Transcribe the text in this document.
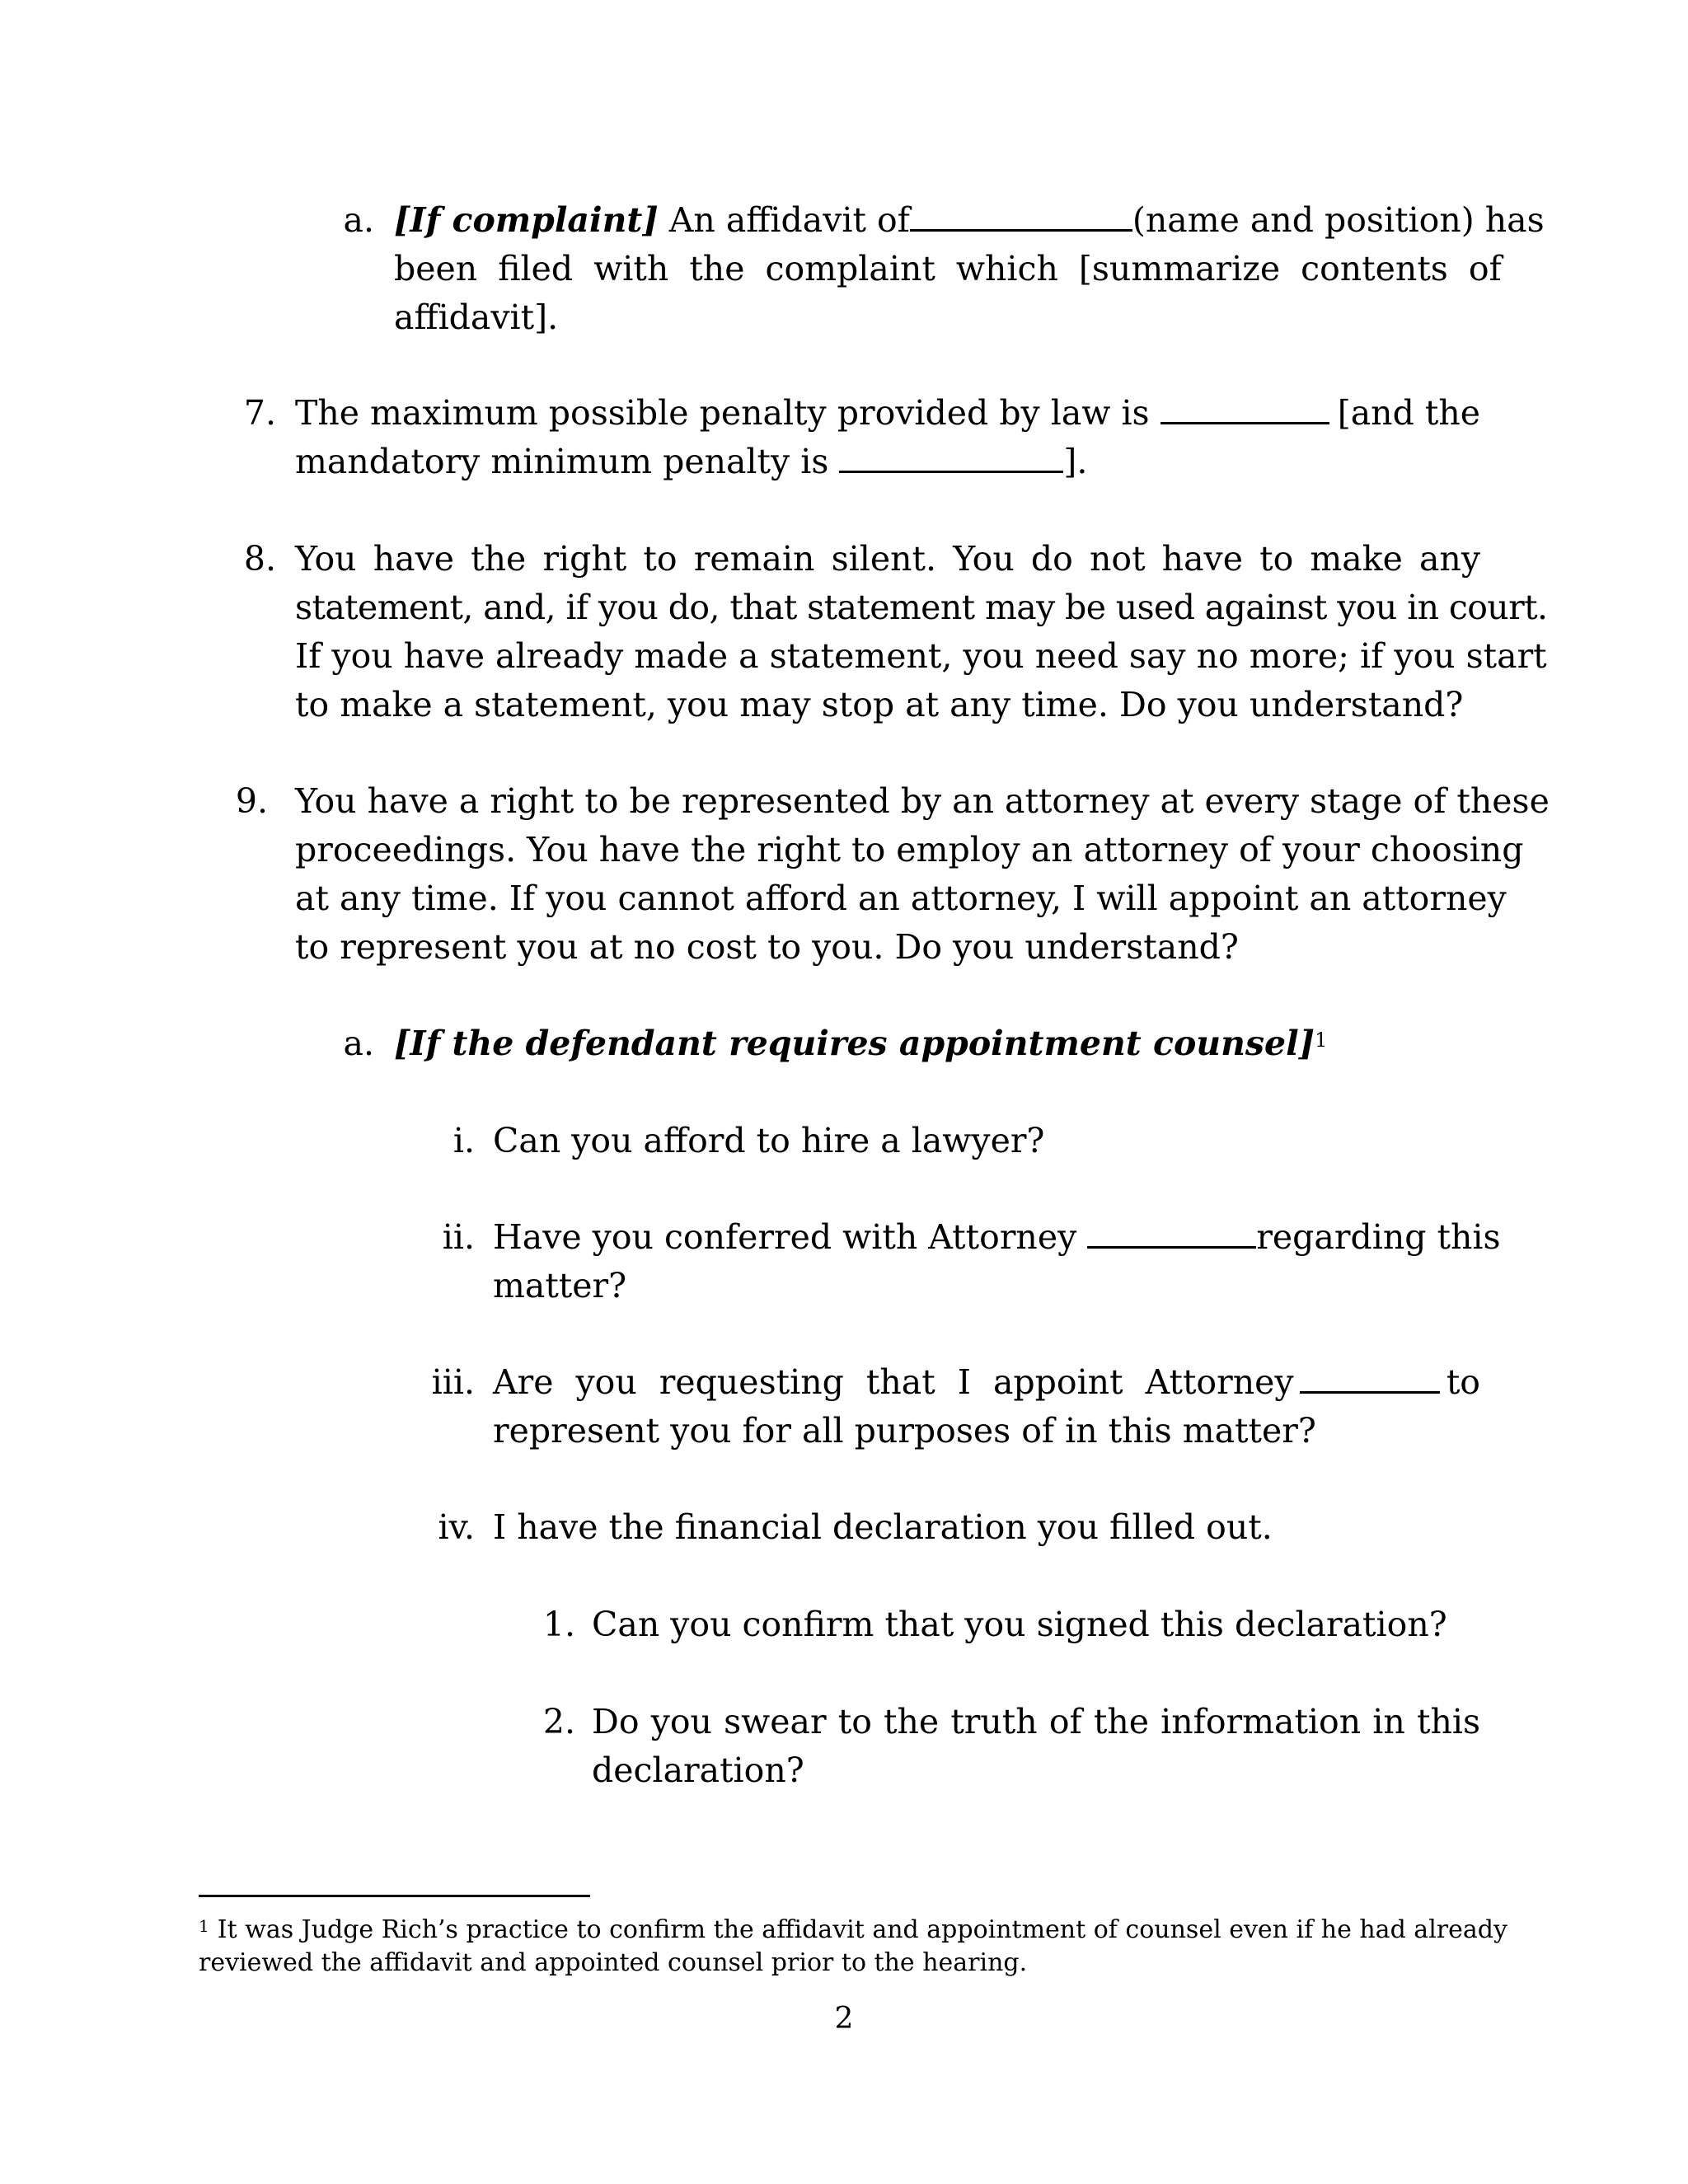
a. [If complaint] An affidavit of	(name and position) has
been filed with the complaint which [summarize contents of
affidavit].
7. The maximum possible penalty provided by law is	[and the
mandatory minimum penalty is	].
8. You have the right to remain silent. You do not have to make any
statement, and, if you do, that statement may be used against you in court.
If you have already made a statement, you need say no more; if you start
to make a statement, you may stop at any time. Do you understand?
9. You have a right to be represented by an attorney at every stage of these
proceedings. You have the right to employ an attorney of your choosing
at any time. If you cannot afford an attorney, I will appoint an attorney
to represent you at no cost to you. Do you understand?
a. [If the defendant requires appointment counsel]$^1$
i. Can you afford to hire a lawyer?
ii. Have you conferred with Attorney	regarding this
matter?
iii. Are you requesting that I appoint Attorney	to
represent you for all purposes of in this matter?
iv. I have the financial declaration you filled out.
1. Can you confirm that you signed this declaration?
2. Do you swear to the truth of the information in this
declaration?
1 It was Judge Rich’s practice to confirm the affidavit and appointment of counsel even if he had already
reviewed the affidavit and appointed counsel prior to the hearing.
2
